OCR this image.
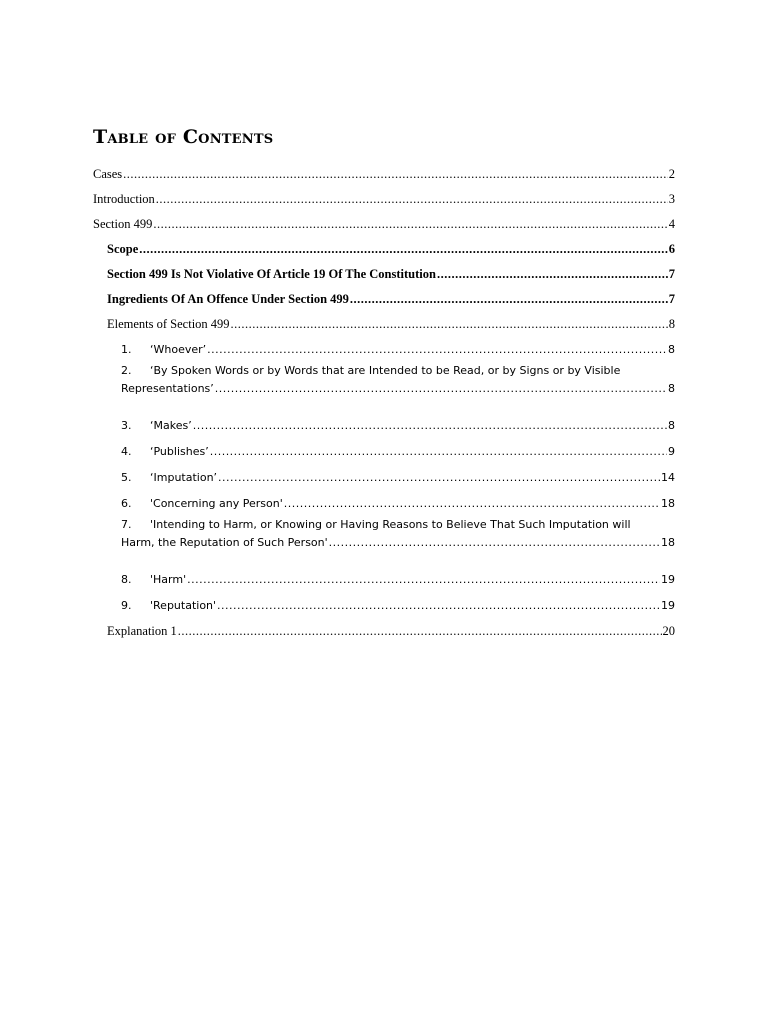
Table of Contents
Cases .....	2
Introduction .....	3
Section 499 .....	4
Scope .....	6
Section 499 Is Not Violative Of Article 19 Of The Constitution .....	7
Ingredients Of An Offence Under Section 499 .....	7
Elements of Section 499 .....	8
1.	‘Whoever’ .....	8
2. ‘By Spoken Words or by Words that are Intended to be Read, or by Signs or by Visible
Representations’ .....	8
3.	‘Makes’ .....	8
4.	‘Publishes’ .....	9
5.	‘Imputation’ .....	14
6.	'Concerning any Person' .....	18
7. 'Intending to Harm, or Knowing or Having Reasons to Believe That Such Imputation will
Harm, the Reputation of Such Person' .....	18
8.	'Harm' .....	19
9.	'Reputation' .....	19
Explanation 1 .....	20
